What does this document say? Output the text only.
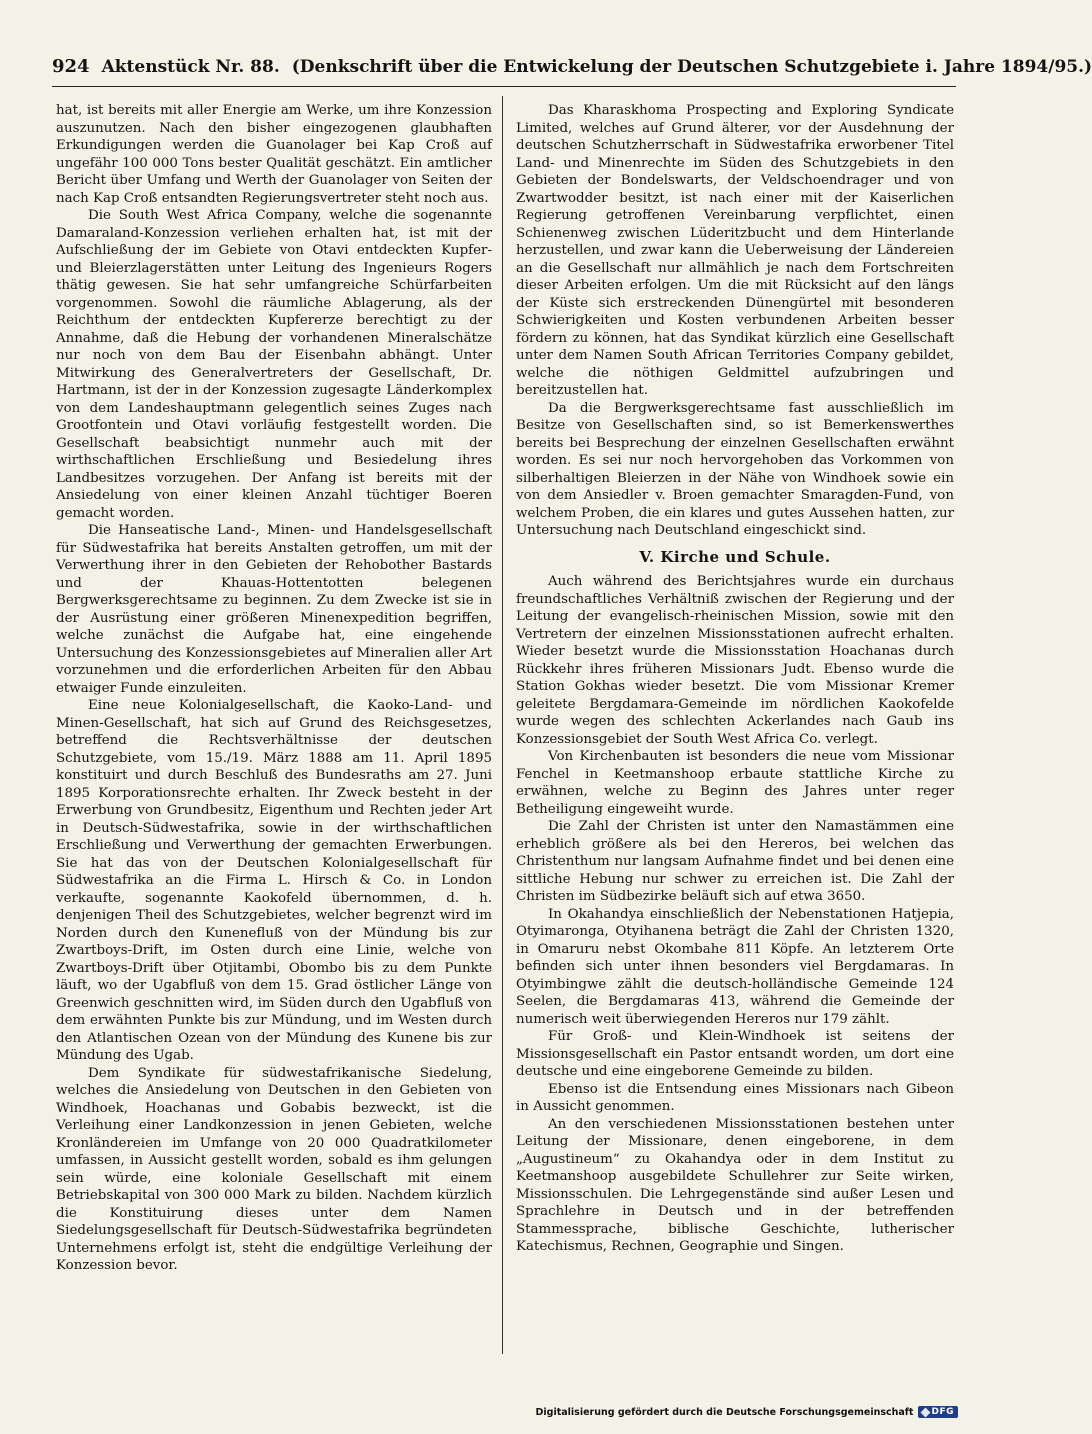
924 Aktenstück Nr. 88. (Denkschrift über die Entwickelung der Deutschen Schutzgebiete i. Jahre 1894/95.)

hat, ist bereits mit aller Energie am Werke, um ihre Konzession auszunutzen. Nach den bisher eingezogenen glaubhaften Erkundigungen werden die Guanolager bei Kap Croß auf ungefähr 100 000 Tons bester Qualität geschätzt. Ein amtlicher Bericht über Umfang und Werth der Guanolager von Seiten der nach Kap Croß entsandten Regierungsvertreter steht noch aus.

Die South West Africa Company, welche die sogenannte Damaraland-Konzession verliehen erhalten hat, ist mit der Aufschließung der im Gebiete von Otavi entdeckten Kupfer- und Bleierzlagerstätten unter Leitung des Ingenieurs Rogers thätig gewesen. Sie hat sehr umfangreiche Schürfarbeiten vorgenommen. Sowohl die räumliche Ablagerung, als der Reichthum der entdeckten Kupfererze berechtigt zu der Annahme, daß die Hebung der vorhandenen Mineralschätze nur noch von dem Bau der Eisenbahn abhängt. Unter Mitwirkung des Generalvertreters der Gesellschaft, Dr. Hartmann, ist der in der Konzession zugesagte Länderkomplex von dem Landeshauptmann gelegentlich seines Zuges nach Grootfontein und Otavi vorläufig festgestellt worden. Die Gesellschaft beabsichtigt nunmehr auch mit der wirthschaftlichen Erschließung und Besiedelung ihres Landbesitzes vorzugehen. Der Anfang ist bereits mit der Ansiedelung von einer kleinen Anzahl tüchtiger Boeren gemacht worden.

Die Hanseatische Land-, Minen- und Handelsgesellschaft für Südwestafrika hat bereits Anstalten getroffen, um mit der Verwerthung ihrer in den Gebieten der Rehobother Bastards und der Khauas-Hottentotten belegenen Bergwerksgerechtsame zu beginnen. Zu dem Zwecke ist sie in der Ausrüstung einer größeren Minenexpedition begriffen, welche zunächst die Aufgabe hat, eine eingehende Untersuchung des Konzessionsgebietes auf Mineralien aller Art vorzunehmen und die erforderlichen Arbeiten für den Abbau etwaiger Funde einzuleiten.

Eine neue Kolonialgesellschaft, die Kaoko-Land- und Minen-Gesellschaft, hat sich auf Grund des Reichsgesetzes, betreffend die Rechtsverhältnisse der deutschen Schutzgebiete, vom 15./19. März 1888 am 11. April 1895 konstituirt und durch Beschluß des Bundesraths am 27. Juni 1895 Korporationsrechte erhalten. Ihr Zweck besteht in der Erwerbung von Grundbesitz, Eigenthum und Rechten jeder Art in Deutsch-Südwestafrika, sowie in der wirthschaftlichen Erschließung und Verwerthung der gemachten Erwerbungen. Sie hat das von der Deutschen Kolonialgesellschaft für Südwestafrika an die Firma L. Hirsch & Co. in London verkaufte, sogenannte Kaokofeld übernommen, d. h. denjenigen Theil des Schutzgebietes, welcher begrenzt wird im Norden durch den Kunenefluß von der Mündung bis zur Zwartboys-Drift, im Osten durch eine Linie, welche von Zwartboys-Drift über Otjitambi, Obombo bis zu dem Punkte läuft, wo der Ugabfluß von dem 15. Grad östlicher Länge von Greenwich geschnitten wird, im Süden durch den Ugabfluß von dem erwähnten Punkte bis zur Mündung, und im Westen durch den Atlantischen Ozean von der Mündung des Kunene bis zur Mündung des Ugab.

Dem Syndikate für südwestafrikanische Siedelung, welches die Ansiedelung von Deutschen in den Gebieten von Windhoek, Hoachanas und Gobabis bezweckt, ist die Verleihung einer Landkonzession in jenen Gebieten, welche Kronländereien im Umfange von 20 000 Quadratkilometer umfassen, in Aussicht gestellt worden, sobald es ihm gelungen sein würde, eine koloniale Gesellschaft mit einem Betriebskapital von 300 000 Mark zu bilden. Nachdem kürzlich die Konstituirung dieses unter dem Namen Siedelungsgesellschaft für Deutsch-Südwestafrika begründeten Unternehmens erfolgt ist, steht die endgültige Verleihung der Konzession bevor.

Das Kharaskhoma Prospecting and Exploring Syndicate Limited, welches auf Grund älterer, vor der Ausdehnung der deutschen Schutzherrschaft in Südwestafrika erworbener Titel Land- und Minenrechte im Süden des Schutzgebiets in den Gebieten der Bondelswarts, der Veldschoendrager und von Zwartwodder besitzt, ist nach einer mit der Kaiserlichen Regierung getroffenen Vereinbarung verpflichtet, einen Schienenweg zwischen Lüderitzbucht und dem Hinterlande herzustellen, und zwar kann die Ueberweisung der Ländereien an die Gesellschaft nur allmählich je nach dem Fortschreiten dieser Arbeiten erfolgen. Um die mit Rücksicht auf den längs der Küste sich erstreckenden Dünengürtel mit besonderen Schwierigkeiten und Kosten verbundenen Arbeiten besser fördern zu können, hat das Syndikat kürzlich eine Gesellschaft unter dem Namen South African Territories Company gebildet, welche die nöthigen Geldmittel aufzubringen und bereitzustellen hat.

Da die Bergwerksgerechtsame fast ausschließlich im Besitze von Gesellschaften sind, so ist Bemerkenswerthes bereits bei Besprechung der einzelnen Gesellschaften erwähnt worden. Es sei nur noch hervorgehoben das Vorkommen von silberhaltigen Bleierzen in der Nähe von Windhoek sowie ein von dem Ansiedler v. Broen gemachter Smaragden-Fund, von welchem Proben, die ein klares und gutes Aussehen hatten, zur Untersuchung nach Deutschland eingeschickt sind.

V. Kirche und Schule.

Auch während des Berichtsjahres wurde ein durchaus freundschaftliches Verhältniß zwischen der Regierung und der Leitung der evangelisch-rheinischen Mission, sowie mit den Vertretern der einzelnen Missionsstationen aufrecht erhalten. Wieder besetzt wurde die Missionsstation Hoachanas durch Rückkehr ihres früheren Missionars Judt. Ebenso wurde die Station Gokhas wieder besetzt. Die vom Missionar Kremer geleitete Bergdamara-Gemeinde im nördlichen Kaokofelde wurde wegen des schlechten Ackerlandes nach Gaub ins Konzessionsgebiet der South West Africa Co. verlegt.

Von Kirchenbauten ist besonders die neue vom Missionar Fenchel in Keetmanshoop erbaute stattliche Kirche zu erwähnen, welche zu Beginn des Jahres unter reger Betheiligung eingeweiht wurde.

Die Zahl der Christen ist unter den Namastämmen eine erheblich größere als bei den Hereros, bei welchen das Christenthum nur langsam Aufnahme findet und bei denen eine sittliche Hebung nur schwer zu erreichen ist. Die Zahl der Christen im Südbezirke beläuft sich auf etwa 3650.

In Okahandya einschließlich der Nebenstationen Hatjepia, Otyimaronga, Otyihanena beträgt die Zahl der Christen 1320, in Omaruru nebst Okombahe 811 Köpfe. An letzterem Orte befinden sich unter ihnen besonders viel Bergdamaras. In Otyimbingwe zählt die deutsch-holländische Gemeinde 124 Seelen, die Bergdamaras 413, während die Gemeinde der numerisch weit überwiegenden Hereros nur 179 zählt.

Für Groß- und Klein-Windhoek ist seitens der Missionsgesellschaft ein Pastor entsandt worden, um dort eine deutsche und eine eingeborene Gemeinde zu bilden.

Ebenso ist die Entsendung eines Missionars nach Gibeon in Aussicht genommen.

An den verschiedenen Missionsstationen bestehen unter Leitung der Missionare, denen eingeborene, in dem „Augustineum“ zu Okahandya oder in dem Institut zu Keetmanshoop ausgebildete Schullehrer zur Seite wirken, Missionsschulen. Die Lehrgegenstände sind außer Lesen und Sprachlehre in Deutsch und in der betreffenden Stammessprache, biblische Geschichte, lutherischer Katechismus, Rechnen, Geographie und Singen.

Digitalisierung gefördert durch die Deutsche Forschungsgemeinschaft DFG
